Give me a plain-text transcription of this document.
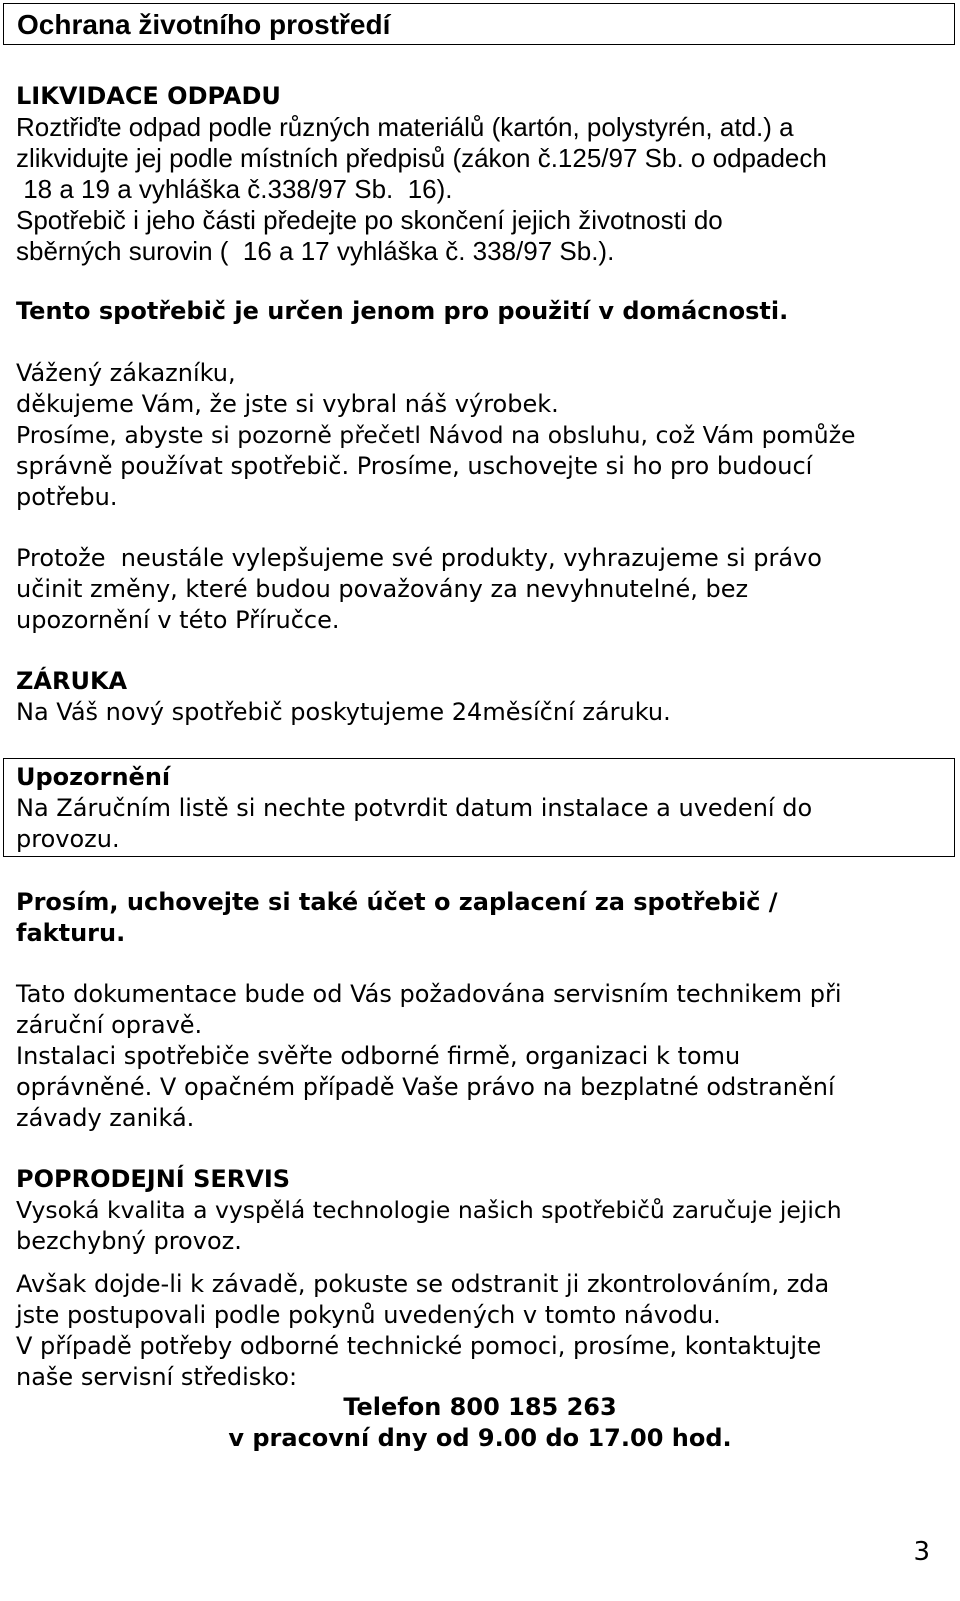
Ochrana životního prostředí
LIKVIDACE ODPADU
Roztřiďte odpad podle různých materiálů (kartón, polystyrén, atd.) a
zlikvidujte jej podle místních předpisů (zákon č.125/97 Sb. o odpadech
18 a 19 a vyhláška č.338/97 Sb.  16).
Spotřebič i jeho části předejte po skončení jejich životnosti do
sběrných surovin (  16 a 17 vyhláška č. 338/97 Sb.).
Tento spotřebič je určen jenom pro použití v domácnosti.
Vážený zákazníku,
děkujeme Vám, že jste si vybral náš výrobek.
Prosíme, abyste si pozorně přečetl Návod na obsluhu, což Vám pomůže
správně používat spotřebič. Prosíme, uschovejte si ho pro budoucí
potřebu.
Protože  neustále vylepšujeme své produkty, vyhrazujeme si právo
učinit změny, které budou považovány za nevyhnutelné, bez
upozornění v této Příručce.
ZÁRUKA
Na Váš nový spotřebič poskytujeme 24měsíční záruku.
Upozornění
Na Záručním listě si nechte potvrdit datum instalace a uvedení do
provozu.
Prosím, uchovejte si také účet o zaplacení za spotřebič /
fakturu.
Tato dokumentace bude od Vás požadována servisním technikem při
záruční opravě.
Instalaci spotřebiče svěřte odborné firmě, organizaci k tomu
oprávněné. V opačném případě Vaše právo na bezplatné odstranění
závady zaniká.
POPRODEJNÍ SERVIS
Vysoká kvalita a vyspělá technologie našich spotřebičů zaručuje jejich
bezchybný provoz.
Avšak dojde-li k závadě, pokuste se odstranit ji zkontrolováním, zda
jste postupovali podle pokynů uvedených v tomto návodu.
V případě potřeby odborné technické pomoci, prosíme, kontaktujte
naše servisní středisko:
Telefon 800 185 263
v pracovní dny od 9.00 do 17.00 hod.
3
